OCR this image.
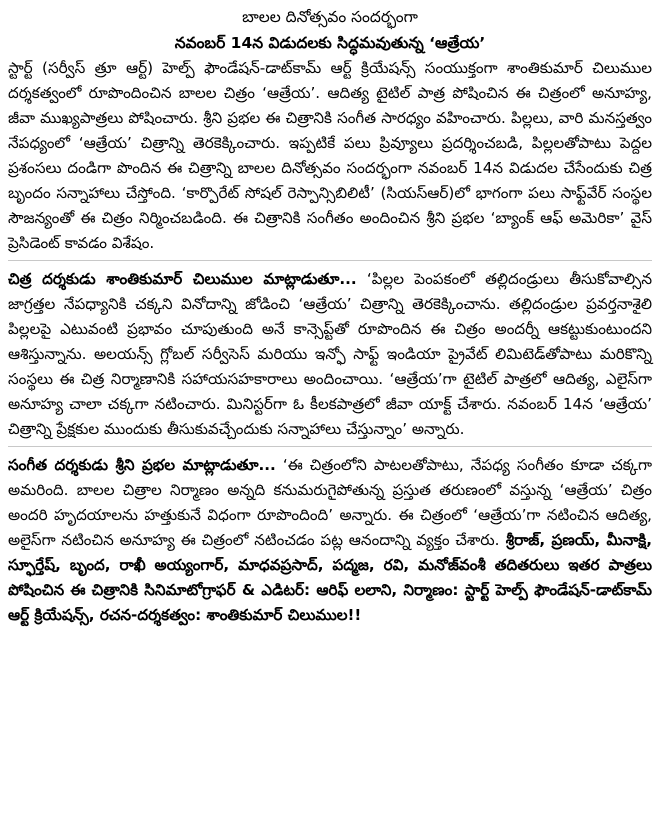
బాలల దినోత్సవం సందర్భంగా
నవంబర్ 14న విడుదలకు సిద్ధమవుతున్న ‘ఆత్రేయ’

స్టార్ట్ (సర్వీస్ త్రూ ఆర్ట్) హెల్ప్ ఫౌండేషన్-డాట్‌కామ్ ఆర్ట్ క్రియేషన్స్ సంయుక్తంగా శాంతికుమార్ చిలుముల దర్శకత్వంలో రూపొందించిన బాలల చిత్రం ‘ఆత్రేయ’. ఆదిత్య టైటిల్ పాత్ర పోషించిన ఈ చిత్రంలో అనూహ్య, జీవా ముఖ్యపాత్రలు పోషించారు. శ్రీని ప్రభల ఈ చిత్రానికి సంగీత సారధ్యం వహించారు. పిల్లలు, వారి మనస్తత్వం నేపధ్యంలో ‘ఆత్రేయ’ చిత్రాన్ని తెరకెక్కించారు. ఇప్పటికే పలు ప్రివ్యూలు ప్రదర్శించబడి, పిల్లలతోపాటు పెద్దల ప్రశంసలు దండిగా పొందిన ఈ చిత్రాన్ని బాలల దినోత్సవం సందర్భంగా నవంబర్ 14న విడుదల చేసేందుకు చిత్ర బృందం సన్నాహాలు చేస్తోంది. ‘కార్పొరేట్ సోషల్ రెస్పాన్సిబిలిటీ’ (సియస్ఆర్)లో భాగంగా పలు సాఫ్ట్‌వేర్ సంస్థల సౌజన్యంతో ఈ చిత్రం నిర్మించబడింది. ఈ చిత్రానికి సంగీతం అందించిన శ్రీని ప్రభల ‘బ్యాంక్ ఆఫ్ అమెరికా’ వైస్ ప్రెసిడెంట్ కావడం విశేషం.

చిత్ర దర్శకుడు శాంతికుమార్ చిలుముల మాట్లాడుతూ... ‘పిల్లల పెంపకంలో తల్లిదండ్రులు తీసుకోవాల్సిన జాగ్రత్తల నేపధ్యానికి చక్కని వినోదాన్ని జోడించి ‘ఆత్రేయ’ చిత్రాన్ని తెరకెక్కించాను. తల్లిదండ్రుల ప్రవర్తనాశైలి పిల్లలపై ఎటువంటి ప్రభావం చూపుతుంది అనే కాన్సెప్ట్‌తో రూపొందిన ఈ చిత్రం అందర్నీ ఆకట్టుకుంటుందని ఆశిస్తున్నాను. అలయన్స్ గ్లోబల్ సర్వీసెస్ మరియు ఇన్ఫో సాఫ్ట్ ఇండియా ప్రైవేట్ లిమిటెడ్‌తోపాటు మరికొన్ని సంస్థలు ఈ చిత్ర నిర్మాణానికి సహాయసహకారాలు అందించాయి. ‘ఆత్రేయ’గా టైటిల్ పాత్రలో ఆదిత్య, ఎలైస్‌గా అనూహ్య చాలా చక్కగా నటించారు. మినిస్టర్‌గా ఓ కీలకపాత్రలో జీవా యాక్ట్ చేశారు. నవంబర్ 14న ‘ఆత్రేయ’ చిత్రాన్ని ప్రేక్షకుల ముందుకు తీసుకువచ్చేందుకు సన్నాహాలు చేస్తున్నాం’ అన్నారు.

సంగీత దర్శకుడు శ్రీని ప్రభల మాట్లాడుతూ... ‘ఈ చిత్రంలోని పాటలతోపాటు, నేపధ్య సంగీతం కూడా చక్కగా అమరింది. బాలల చిత్రాల నిర్మాణం అన్నది కనుమరుగైపోతున్న ప్రస్తుత తరుణంలో వస్తున్న ‘ఆత్రేయ’ చిత్రం అందరి హృదయాలను హత్తుకునే విధంగా రూపొందింది’ అన్నారు. ఈ చిత్రంలో ‘ఆత్రేయ’గా నటించిన ఆదిత్య, అలైస్‌గా నటించిన అనూహ్య ఈ చిత్రంలో నటించడం పట్ల ఆనందాన్ని వ్యక్తం చేశారు. శ్రీరాజ్, ప్రణయ్, మీనాక్షి, స్ఫూర్తేష్, బృంద, రాఖీ అయ్యంగార్, మాధవప్రసాద్, పద్మజ, రవి, మనోజ్‌వంశీ తదితరులు ఇతర పాత్రలు పోషించిన ఈ చిత్రానికి సినిమాటోగ్రాఫర్ & ఎడిటర్: ఆరిఫ్ లలాని, నిర్మాణం: స్టార్ట్ హెల్ప్ ఫౌండేషన్-డాట్‌కామ్ ఆర్ట్ క్రియేషన్స్, రచన-దర్శకత్వం: శాంతికుమార్ చిలుముల!!
